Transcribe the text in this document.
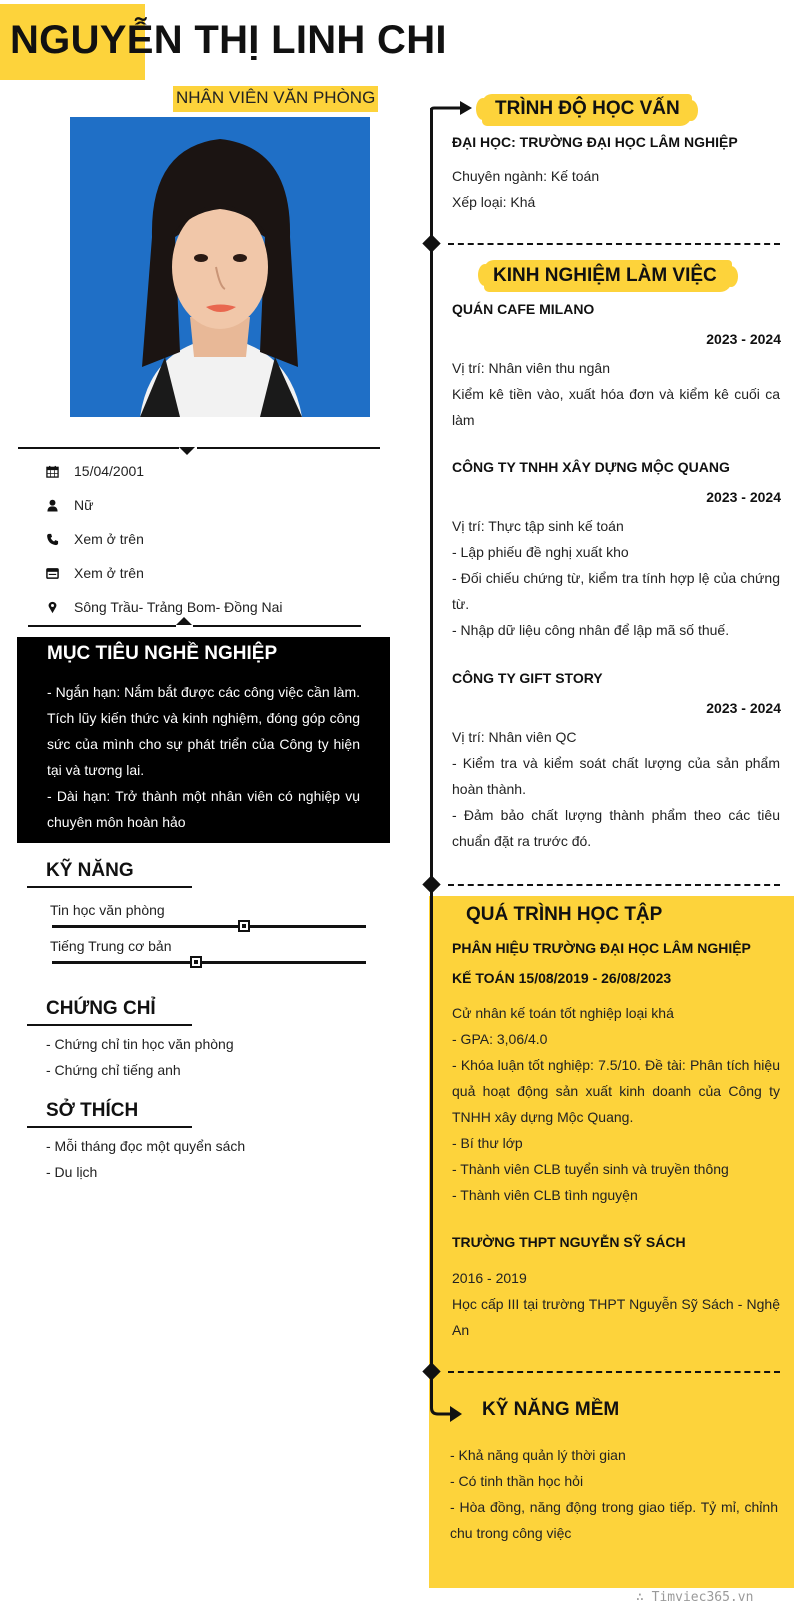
NGUYỄN THỊ LINH CHI
NHÂN VIÊN VĂN PHÒNG
15/04/2001
Nữ
Xem ở trên
Xem ở trên
Sông Trầu- Trảng Bom- Đồng Nai
MỤC TIÊU NGHỀ NGHIỆP
- Ngắn hạn: Nắm bắt được các công việc cần làm. Tích lũy kiến thức và kinh nghiệm, đóng góp công sức của mình cho sự phát triển của Công ty hiện tại và tương lai.
- Dài hạn: Trở thành một nhân viên có nghiệp vụ chuyên môn hoàn hảo
KỸ NĂNG
Tin học văn phòng
Tiếng Trung cơ bản
CHỨNG CHỈ
- Chứng chỉ tin học văn phòng
- Chứng chỉ tiếng anh
SỞ THÍCH
- Mỗi tháng đọc một quyển sách
- Du lịch
TRÌNH ĐỘ HỌC VẤN
ĐẠI HỌC: TRƯỜNG ĐẠI HỌC LÂM NGHIỆP
Chuyên ngành: Kế toán
Xếp loại: Khá
KINH NGHIỆM LÀM VIỆC
QUÁN CAFE MILANO
2023 - 2024
Vị trí: Nhân viên thu ngân
Kiểm kê tiền vào, xuất hóa đơn và kiểm kê cuối ca làm
CÔNG TY TNHH XÂY DỰNG MỘC QUANG
2023 - 2024
Vị trí: Thực tập sinh kế toán
- Lập phiếu đề nghị xuất kho
- Đối chiếu chứng từ, kiểm tra tính hợp lệ của chứng từ.
- Nhập dữ liệu công nhân để lập mã số thuế.
CÔNG TY GIFT STORY
2023 - 2024
Vị trí: Nhân viên QC
- Kiểm tra và kiểm soát chất lượng của sản phẩm hoàn thành.
- Đảm bảo chất lượng thành phẩm theo các tiêu chuẩn đặt ra trước đó.
QUÁ TRÌNH HỌC TẬP
PHÂN HIỆU TRƯỜNG ĐẠI HỌC LÂM NGHIỆP
KẾ TOÁN 15/08/2019 - 26/08/2023
Cử nhân kế toán tốt nghiệp loại khá
- GPA: 3,06/4.0
- Khóa luận tốt nghiệp: 7.5/10. Đề tài: Phân tích hiệu quả hoạt động sản xuất kinh doanh của Công ty TNHH xây dựng Mộc Quang.
- Bí thư lớp
- Thành viên CLB tuyển sinh và truyền thông
- Thành viên CLB tình nguyện
TRƯỜNG THPT NGUYỄN SỸ SÁCH
2016 - 2019
Học cấp III tại trường THPT Nguyễn Sỹ Sách - Nghệ An
KỸ NĂNG MỀM
- Khả năng quản lý thời gian
- Có tinh thần học hỏi
- Hòa đồng, năng động trong giao tiếp. Tỷ mỉ, chỉnh chu trong công việc
∴ Timviec365.vn
